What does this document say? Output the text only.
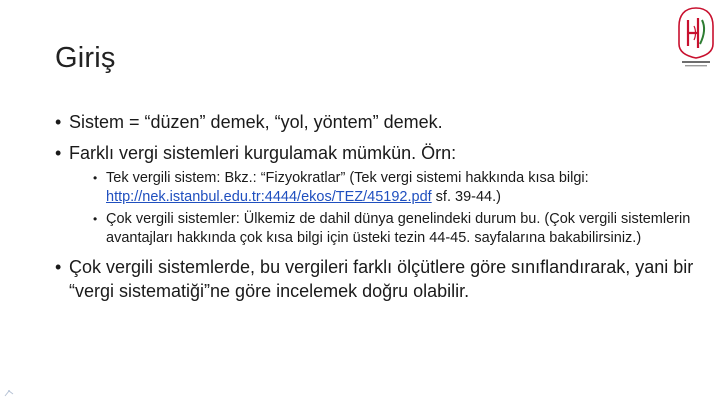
Giriş
• Sistem = “düzen” demek, “yol, yöntem” demek.
• Farklı vergi sistemleri kurgulamak mümkün. Örn:
• Tek vergili sistem: Bkz.: “Fizyokratlar” (Tek vergi sistemi hakkında kısa bilgi: http://nek.istanbul.edu.tr:4444/ekos/TEZ/45192.pdf sf. 39-44.)
• Çok vergili sistemler: Ülkemiz de dahil dünya genelindeki durum bu. (Çok vergili sistemlerin avantajları hakkında çok kısa bilgi için üsteki tezin 44-45. sayfalarına bakabilirsiniz.)
• Çok vergili sistemlerde, bu vergileri farklı ölçütlere göre sınıflandırarak, yani bir “vergi sistematiği”ne göre incelemek doğru olabilir.
